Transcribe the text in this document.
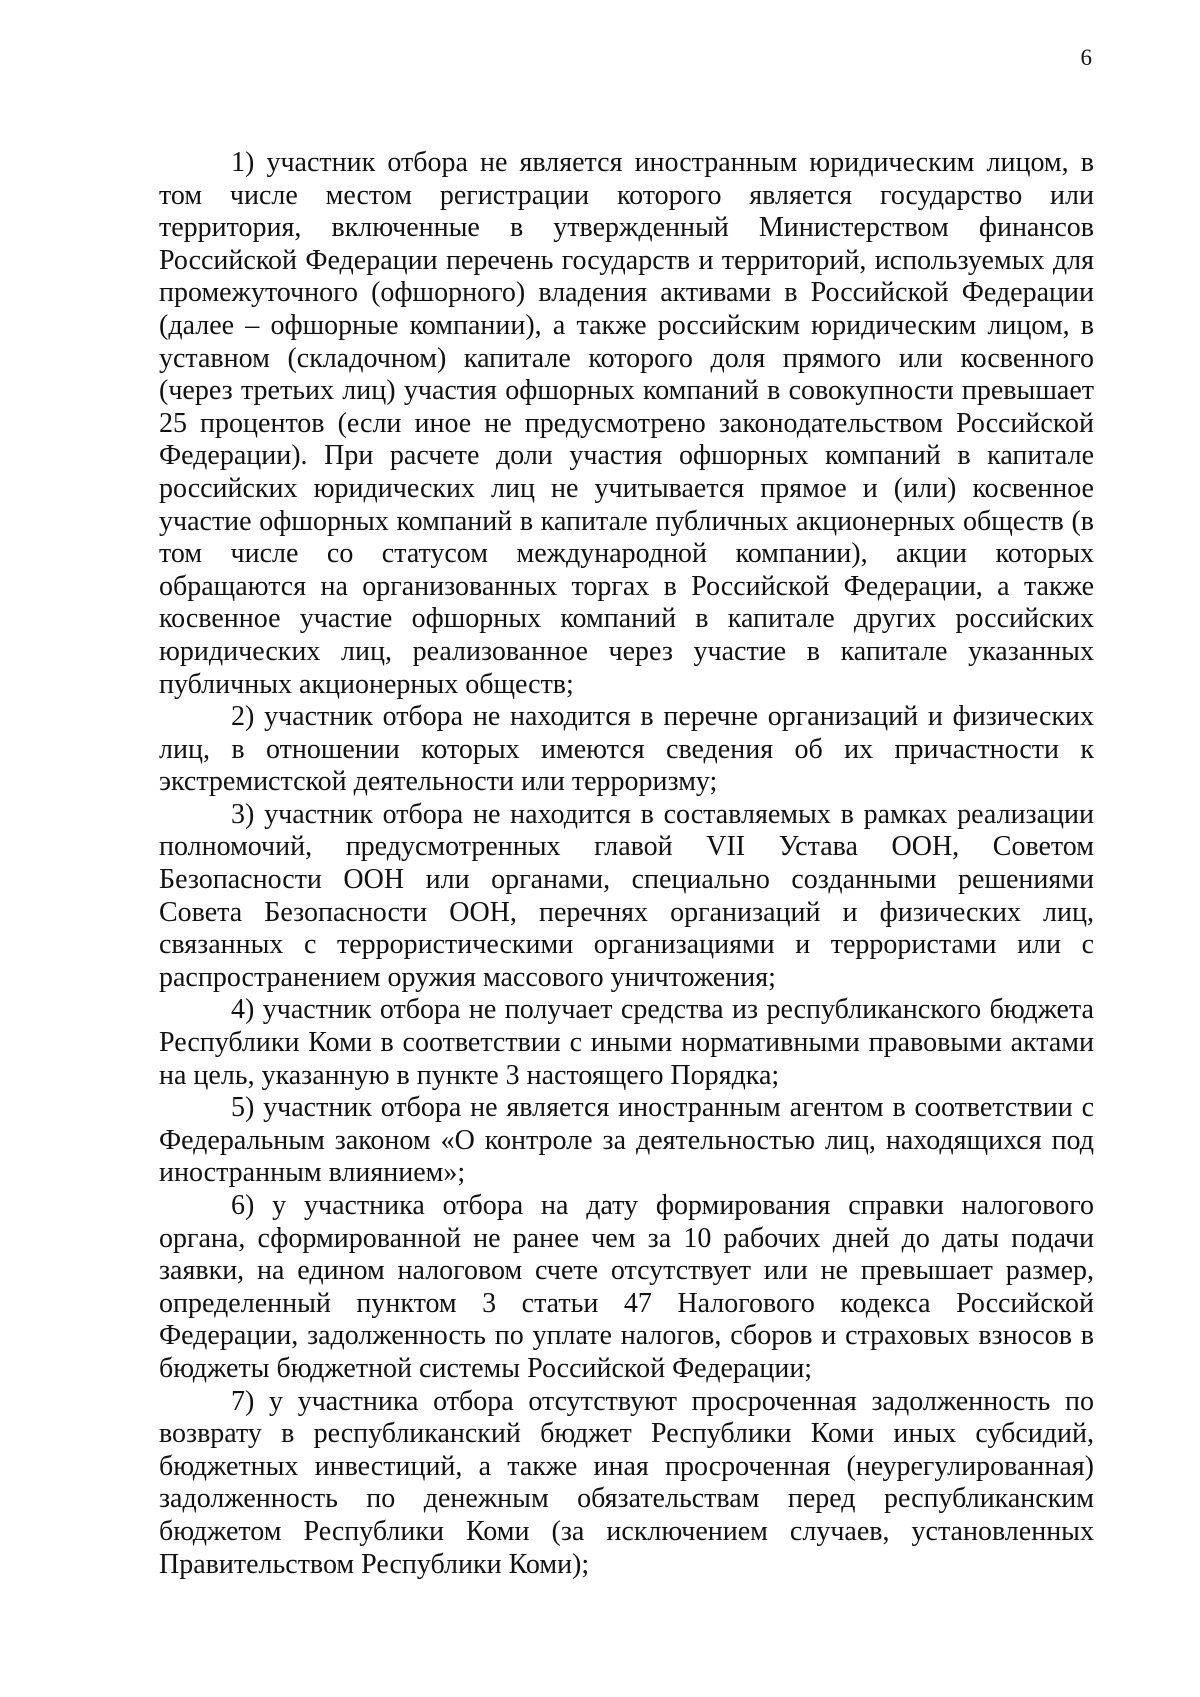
6

1) участник отбора не является иностранным юридическим лицом, в том числе местом регистрации которого является государство или территория, включенные в утвержденный Министерством финансов Российской Федерации перечень государств и территорий, используемых для промежуточного (офшорного) владения активами в Российской Федерации (далее – офшорные компании), а также российским юридическим лицом, в уставном (складочном) капитале которого доля прямого или косвенного (через третьих лиц) участия офшорных компаний в совокупности превышает 25 процентов (если иное не предусмотрено законодательством Российской Федерации). При расчете доли участия офшорных компаний в капитале российских юридических лиц не учитывается прямое и (или) косвенное участие офшорных компаний в капитале публичных акционерных обществ (в том числе со статусом международной компании), акции которых обращаются на организованных торгах в Российской Федерации, а также косвенное участие офшорных компаний в капитале других российских юридических лиц, реализованное через участие в капитале указанных публичных акционерных обществ;

2) участник отбора не находится в перечне организаций и физических лиц, в отношении которых имеются сведения об их причастности к экстремистской деятельности или терроризму;

3) участник отбора не находится в составляемых в рамках реализации полномочий, предусмотренных главой VII Устава ООН, Советом Безопасности ООН или органами, специально созданными решениями Совета Безопасности ООН, перечнях организаций и физических лиц, связанных с террористическими организациями и террористами или с распространением оружия массового уничтожения;

4) участник отбора не получает средства из республиканского бюджета Республики Коми в соответствии с иными нормативными правовыми актами на цель, указанную в пункте 3 настоящего Порядка;

5) участник отбора не является иностранным агентом в соответствии с Федеральным законом «О контроле за деятельностью лиц, находящихся под иностранным влиянием»;

6) у участника отбора на дату формирования справки налогового органа, сформированной не ранее чем за 10 рабочих дней до даты подачи заявки, на едином налоговом счете отсутствует или не превышает размер, определенный пунктом 3 статьи 47 Налогового кодекса Российской Федерации, задолженность по уплате налогов, сборов и страховых взносов в бюджеты бюджетной системы Российской Федерации;

7) у участника отбора отсутствуют просроченная задолженность по возврату в республиканский бюджет Республики Коми иных субсидий, бюджетных инвестиций, а также иная просроченная (неурегулированная) задолженность по денежным обязательствам перед республиканским бюджетом Республики Коми (за исключением случаев, установленных Правительством Республики Коми);
